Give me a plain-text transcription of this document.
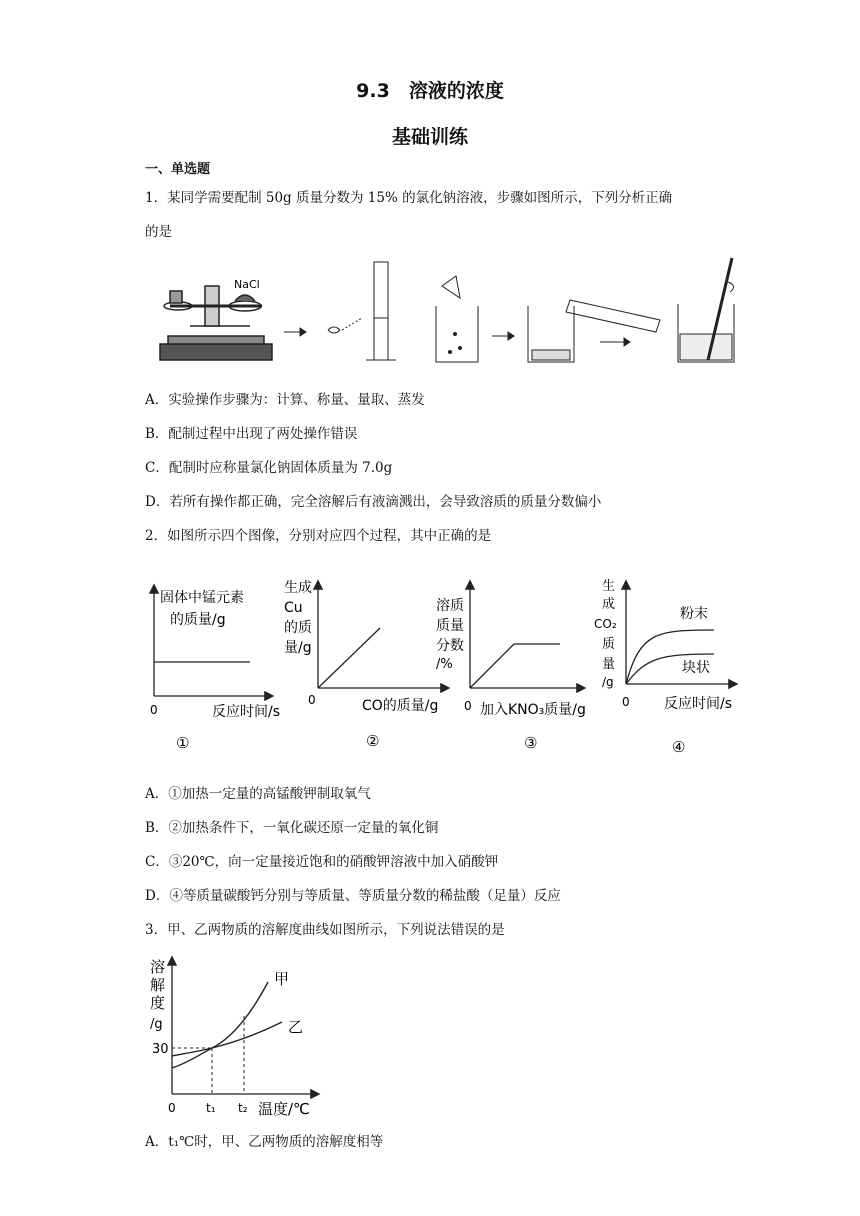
9.3　溶液的浓度
基础训练
一、单选题
1．某同学需要配制 50g 质量分数为 15% 的氯化钠溶液，步骤如图所示，下列分析正确
的是
NaCl
A．实验操作步骤为：计算、称量、量取、蒸发
B．配制过程中出现了两处操作错误
C．配制时应称量氯化钠固体质量为 7.0g
D．若所有操作都正确，完全溶解后有液滴溅出，会导致溶质的质量分数偏小
2．如图所示四个图像，分别对应四个过程，其中正确的是
固体中锰元素
的质量/g
0	反应时间/s
①
生成
Cu
的质
量/g
0	CO的质量/g
②
溶质
质量
分数
/%
0 加入KNO₃质量/g
③
生
成
CO₂
质
量
/g
粉末
块状
0 反应时间/s
④
A．①加热一定量的高锰酸钾制取氧气
B．②加热条件下，一氧化碳还原一定量的氧化铜
C．③20℃，向一定量接近饱和的硝酸钾溶液中加入硝酸钾
D．④等质量碳酸钙分别与等质量、等质量分数的稀盐酸（足量）反应
3．甲、乙两物质的溶解度曲线如图所示，下列说法错误的是
溶
解
度
/g
30
0	t₁ t₂ 温度/℃
甲
乙
A．t₁℃时，甲、乙两物质的溶解度相等
